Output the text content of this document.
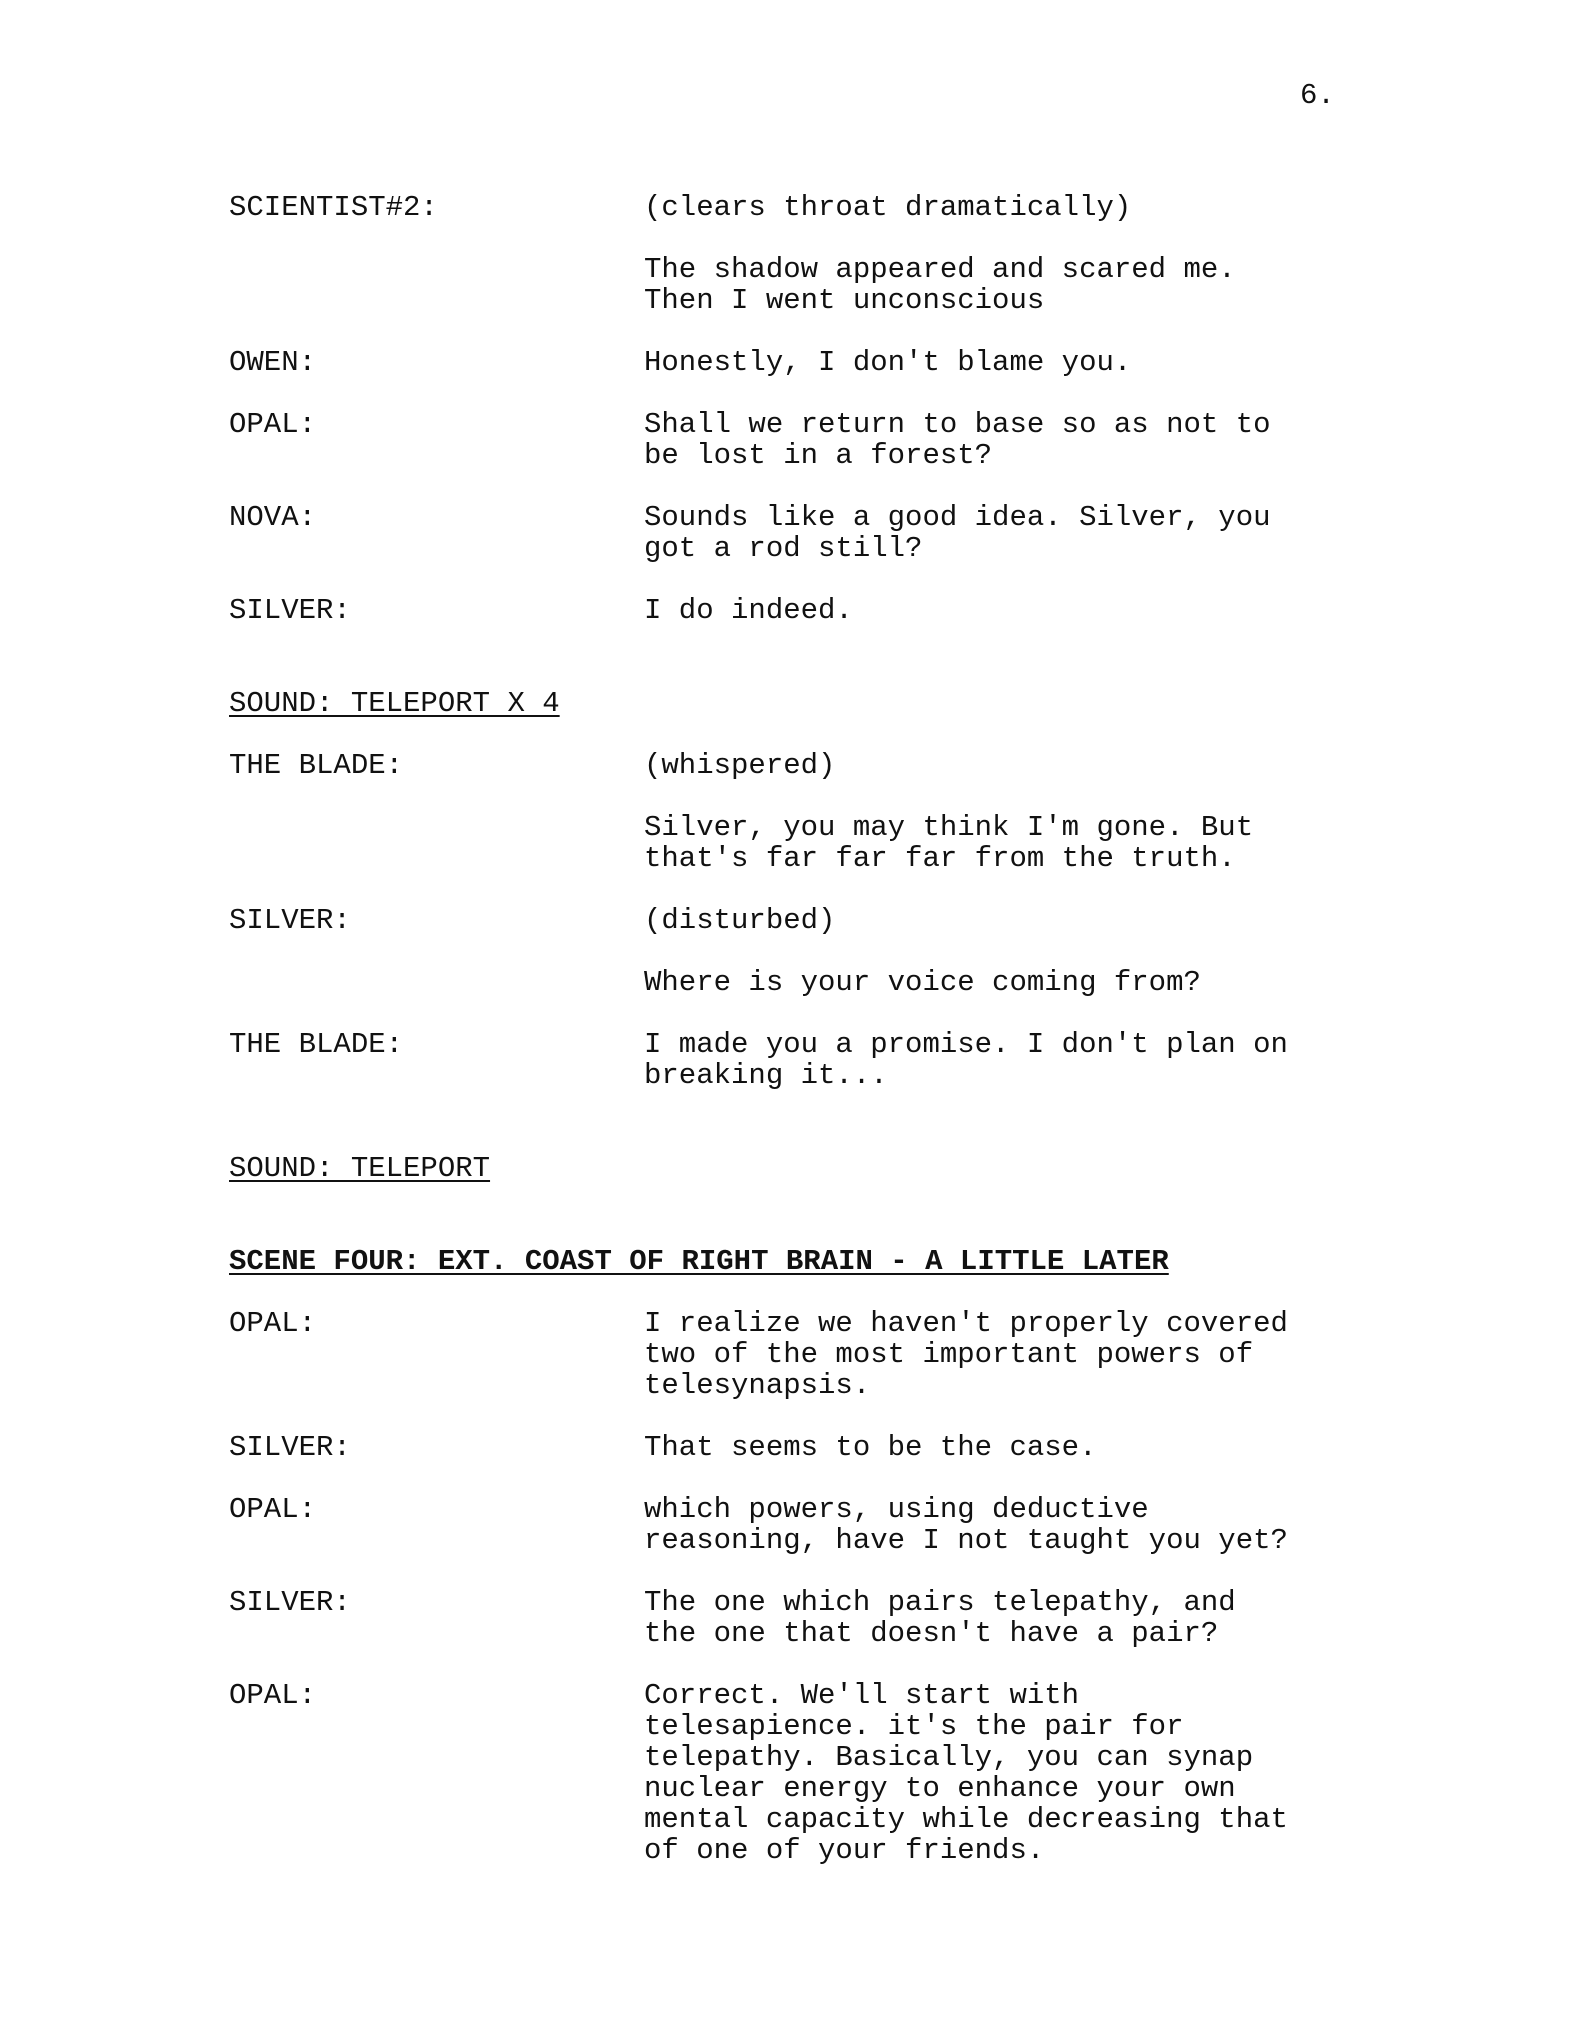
6.
SCIENTIST#2:	(clears throat dramatically)
The shadow appeared and scared me.
Then I went unconscious
OWEN:	Honestly, I don't blame you.
OPAL:	Shall we return to base so as not to
be lost in a forest?
NOVA:	Sounds like a good idea. Silver, you
got a rod still?
SILVER:	I do indeed.
SOUND: TELEPORT X 4
THE BLADE:	(whispered)
Silver, you may think I'm gone. But
that's far far far from the truth.
SILVER:	(disturbed)
Where is your voice coming from?
THE BLADE:	I made you a promise. I don't plan on
breaking it...
SOUND: TELEPORT
SCENE FOUR: EXT. COAST OF RIGHT BRAIN - A LITTLE LATER
OPAL:	I realize we haven't properly covered
two of the most important powers of
telesynapsis.
SILVER:	That seems to be the case.
OPAL:	which powers, using deductive
reasoning, have I not taught you yet?
SILVER:	The one which pairs telepathy, and
the one that doesn't have a pair?
OPAL:	Correct. We'll start with
telesapience. it's the pair for
telepathy. Basically, you can synap
nuclear energy to enhance your own
mental capacity while decreasing that
of one of your friends.
